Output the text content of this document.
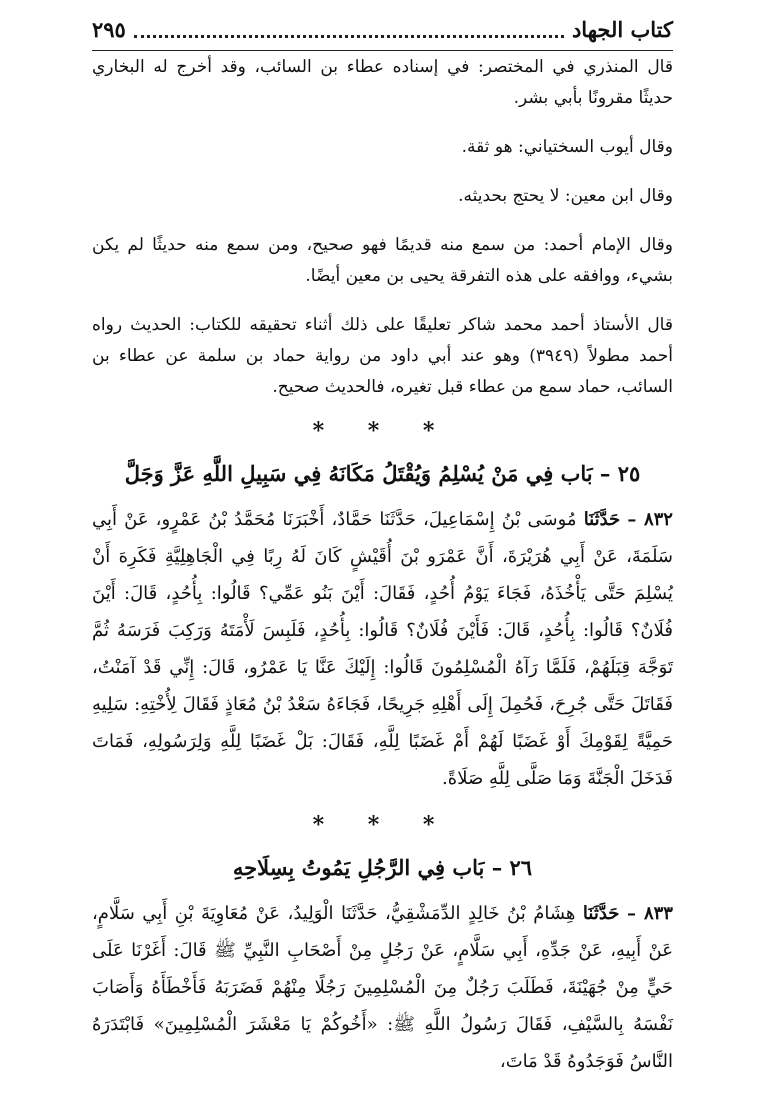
كتاب الجهاد
٢٩٥

قال المنذري في المختصر: في إسناده عطاء بن السائب، وقد أخرج له البخاري حديثًا مقرونًا بأبي بشر.

وقال أيوب السختياني: هو ثقة.

وقال ابن معين: لا يحتج بحديثه.

وقال الإمام أحمد: من سمع منه قديمًا فهو صحيح، ومن سمع منه حديثًا لم يكن بشيء، ووافقه على هذه التفرقة يحيى بن معين أيضًا.

قال الأستاذ أحمد محمد شاكر تعليقًا على ذلك أثناء تحقيقه للكتاب: الحديث رواه أحمد مطولاً (٣٩٤٩) وهو عند أبي داود من رواية حماد بن سلمة عن عطاء بن السائب، حماد سمع من عطاء قبل تغيره، فالحديث صحيح.

* * *
٢٥ – بَاب فِي مَنْ يُسْلِمُ وَيُقْتَلُ مَكَانَهُ فِي سَبِيلِ اللَّهِ عَزَّ وَجَلَّ

٨٣٢ – حَدَّثَنَا مُوسَى بْنُ إِسْمَاعِيلَ، حَدَّثَنَا حَمَّادٌ، أَخْبَرَنَا مُحَمَّدُ بْنُ عَمْرٍو، عَنْ أَبِي سَلَمَةَ، عَنْ أَبِي هُرَيْرَةَ، أَنَّ عَمْرَو بْنَ أُقَيْشٍ كَانَ لَهُ رِبًا فِي الْجَاهِلِيَّةِ فَكَرِهَ أَنْ يُسْلِمَ حَتَّى يَأْخُذَهُ، فَجَاءَ يَوْمُ أُحُدٍ، فَقَالَ: أَيْنَ بَنُو عَمِّي؟ قَالُوا: بِأُحُدٍ، قَالَ: أَيْنَ فُلَانٌ؟ قَالُوا: بِأُحُدٍ، قَالَ: فَأَيْنَ فُلَانٌ؟ قَالُوا: بِأُحُدٍ، فَلَبِسَ لَأْمَتَهُ وَرَكِبَ فَرَسَهُ ثُمَّ تَوَجَّهَ قِبَلَهُمْ، فَلَمَّا رَآهُ الْمُسْلِمُونَ قَالُوا: إِلَيْكَ عَنَّا يَا عَمْرُو، قَالَ: إِنِّي قَدْ آمَنْتُ، فَقَاتَلَ حَتَّى جُرِحَ، فَحُمِلَ إِلَى أَهْلِهِ جَرِيحًا، فَجَاءَهُ سَعْدُ بْنُ مُعَاذٍ فَقَالَ لِأُخْتِهِ: سَلِيهِ حَمِيَّةً لِقَوْمِكَ أَوْ غَضَبًا لَهُمْ أَمْ غَضَبًا لِلَّهِ، فَقَالَ: بَلْ غَضَبًا لِلَّهِ وَلِرَسُولِهِ، فَمَاتَ فَدَخَلَ الْجَنَّةَ وَمَا صَلَّى لِلَّهِ صَلَاةً.

* * *
٢٦ – بَاب فِي الرَّجُلِ يَمُوتُ بِسِلَاحِهِ

٨٣٣ – حَدَّثَنَا هِشَامُ بْنُ خَالِدٍ الدِّمَشْقِيُّ، حَدَّثَنَا الْوَلِيدُ، عَنْ مُعَاوِيَةَ بْنِ أَبِي سَلَّامٍ، عَنْ أَبِيهِ، عَنْ جَدِّهِ، أَبِي سَلَّامٍ، عَنْ رَجُلٍ مِنْ أَصْحَابِ النَّبِيِّ ﷺ قَالَ: أَغَرْنَا عَلَى حَيٍّ مِنْ جُهَيْنَةَ، فَطَلَبَ رَجُلٌ مِنَ الْمُسْلِمِينَ رَجُلًا مِنْهُمْ فَضَرَبَهُ فَأَخْطَأَهُ وَأَصَابَ نَفْسَهُ بِالسَّيْفِ، فَقَالَ رَسُولُ اللَّهِ ﷺ: «أَخُوكُمْ يَا مَعْشَرَ الْمُسْلِمِينَ» فَابْتَدَرَهُ النَّاسُ فَوَجَدُوهُ قَدْ مَاتَ،
